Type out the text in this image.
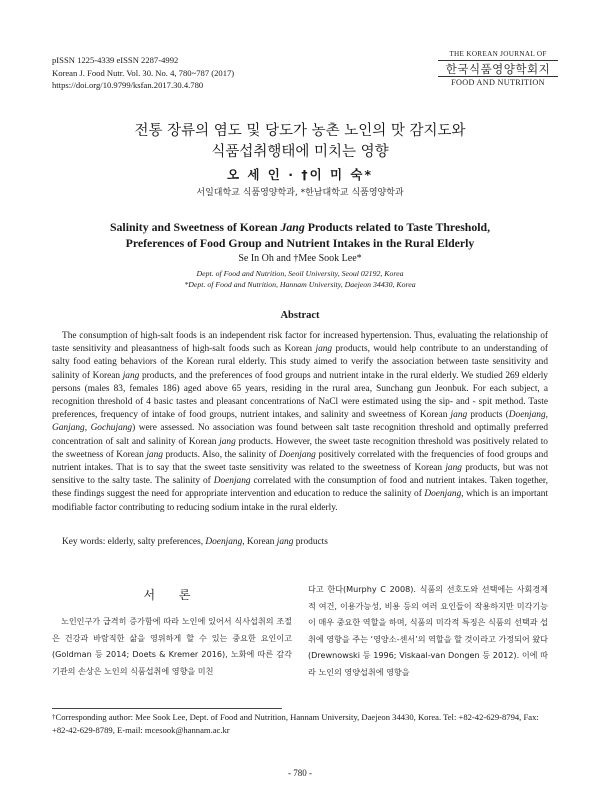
pISSN 1225-4339 eISSN 2287-4992
Korean J. Food Nutr. Vol. 30. No. 4, 780~787 (2017)
https://doi.org/10.9799/ksfan.2017.30.4.780
THE KOREAN JOURNAL OF
한국식품영양학회지
FOOD AND NUTRITION
전통 장류의 염도 및 당도가 농촌 노인의 맛 감지도와
식품섭취행태에 미치는 영향
오 세 인 · †이 미 숙*
서일대학교 식품영양학과, *한남대학교 식품영양학과
Salinity and Sweetness of Korean Jang Products related to Taste Threshold,
Preferences of Food Group and Nutrient Intakes in the Rural Elderly
Se In Oh and †Mee Sook Lee*
Dept. of Food and Nutrition, Seoil University, Seoul 02192, Korea
*Dept. of Food and Nutrition, Hannam University, Daejeon 34430, Korea
Abstract
The consumption of high-salt foods is an independent risk factor for increased hypertension. Thus, evaluating the relationship of taste sensitivity and pleasantness of high-salt foods such as Korean jang products, would help contribute to an understanding of salty food eating behaviors of the Korean rural elderly. This study aimed to verify the association between taste sensitivity and salinity of Korean jang products, and the preferences of food groups and nutrient intake in the rural elderly. We studied 269 elderly persons (males 83, females 186) aged above 65 years, residing in the rural area, Sunchang gun Jeonbuk. For each subject, a recognition threshold of 4 basic tastes and pleasant concentrations of NaCl were estimated using the sip- and - spit method. Taste preferences, frequency of intake of food groups, nutrient intakes, and salinity and sweetness of Korean jang products (Doenjang, Ganjang, Gochujang) were assessed. No association was found between salt taste recognition threshold and optimally preferred concentration of salt and salinity of Korean jang products. However, the sweet taste recognition threshold was positively related to the sweetness of Korean jang products. Also, the salinity of Doenjang positively correlated with the frequencies of food groups and nutrient intakes. That is to say that the sweet taste sensitivity was related to the sweetness of Korean jang products, but was not sensitive to the salty taste. The salinity of Doenjang correlated with the consumption of food and nutrient intakes. Taken together, these findings suggest the need for appropriate intervention and education to reduce the salinity of Doenjang, which is an important modifiable factor contributing to reducing sodium intake in the rural elderly.
Key words: elderly, salty preferences, Doenjang, Korean jang products
서 론

노인인구가 급격히 증가함에 따라 노인에 있어서 식사섭취의 조절은 건강과 바람직한 삶을 영위하게 할 수 있는 중요한 요인이고(Goldman 등 2014; Doets & Kremer 2016), 노화에 따른 감각기관의 손상은 노인의 식품섭취에 영향을 미친

다고 한다(Murphy C 2008). 식품의 선호도와 선택에는 사회경제적 여건, 이용가능성, 비용 등의 여러 요인들이 작용하지만 미각기능이 매우 중요한 역할을 하며, 식품의 미각적 특징은 식품의 선택과 섭취에 영향을 주는 ‘영양소-센서’의 역할을 할 것이라고 가정되어 왔다(Drewnowski 등 1996; Viskaal-van Dongen 등 2012). 이에 따라 노인의 영양섭취에 영향을

†Corresponding author: Mee Sook Lee, Dept. of Food and Nutrition, Hannam University, Daejeon 34430, Korea. Tel: +82-42-629-8794, Fax: +82-42-629-8789, E-mail: mcesook@hannam.ac.kr
- 780 -
